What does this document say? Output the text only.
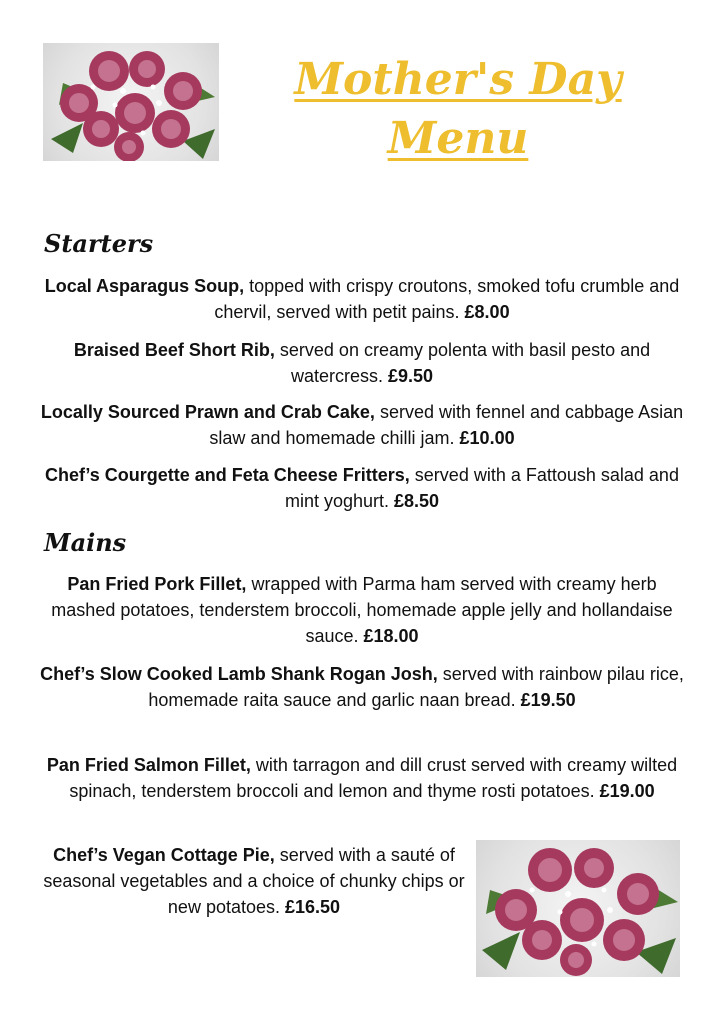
Mother's Day
Menu
Starters

Local Asparagus Soup, topped with crispy croutons, smoked tofu crumble and chervil, served with petit pains. £8.00

Braised Beef Short Rib, served on creamy polenta with basil pesto and watercress. £9.50

Locally Sourced Prawn and Crab Cake, served with fennel and cabbage Asian slaw and homemade chilli jam. £10.00

Chef’s Courgette and Feta Cheese Fritters, served with a Fattoush salad and mint yoghurt. £8.50

Mains

Pan Fried Pork Fillet, wrapped with Parma ham served with creamy herb mashed potatoes, tenderstem broccoli, homemade apple jelly and hollandaise sauce. £18.00

Chef’s Slow Cooked Lamb Shank Rogan Josh, served with rainbow pilau rice, homemade raita sauce and garlic naan bread. £19.50

Pan Fried Salmon Fillet, with tarragon and dill crust served with creamy wilted spinach, tenderstem broccoli and lemon and thyme rosti potatoes. £19.00

Chef’s Vegan Cottage Pie, served with a sauté of seasonal vegetables and a choice of chunky chips or new potatoes. £16.50
